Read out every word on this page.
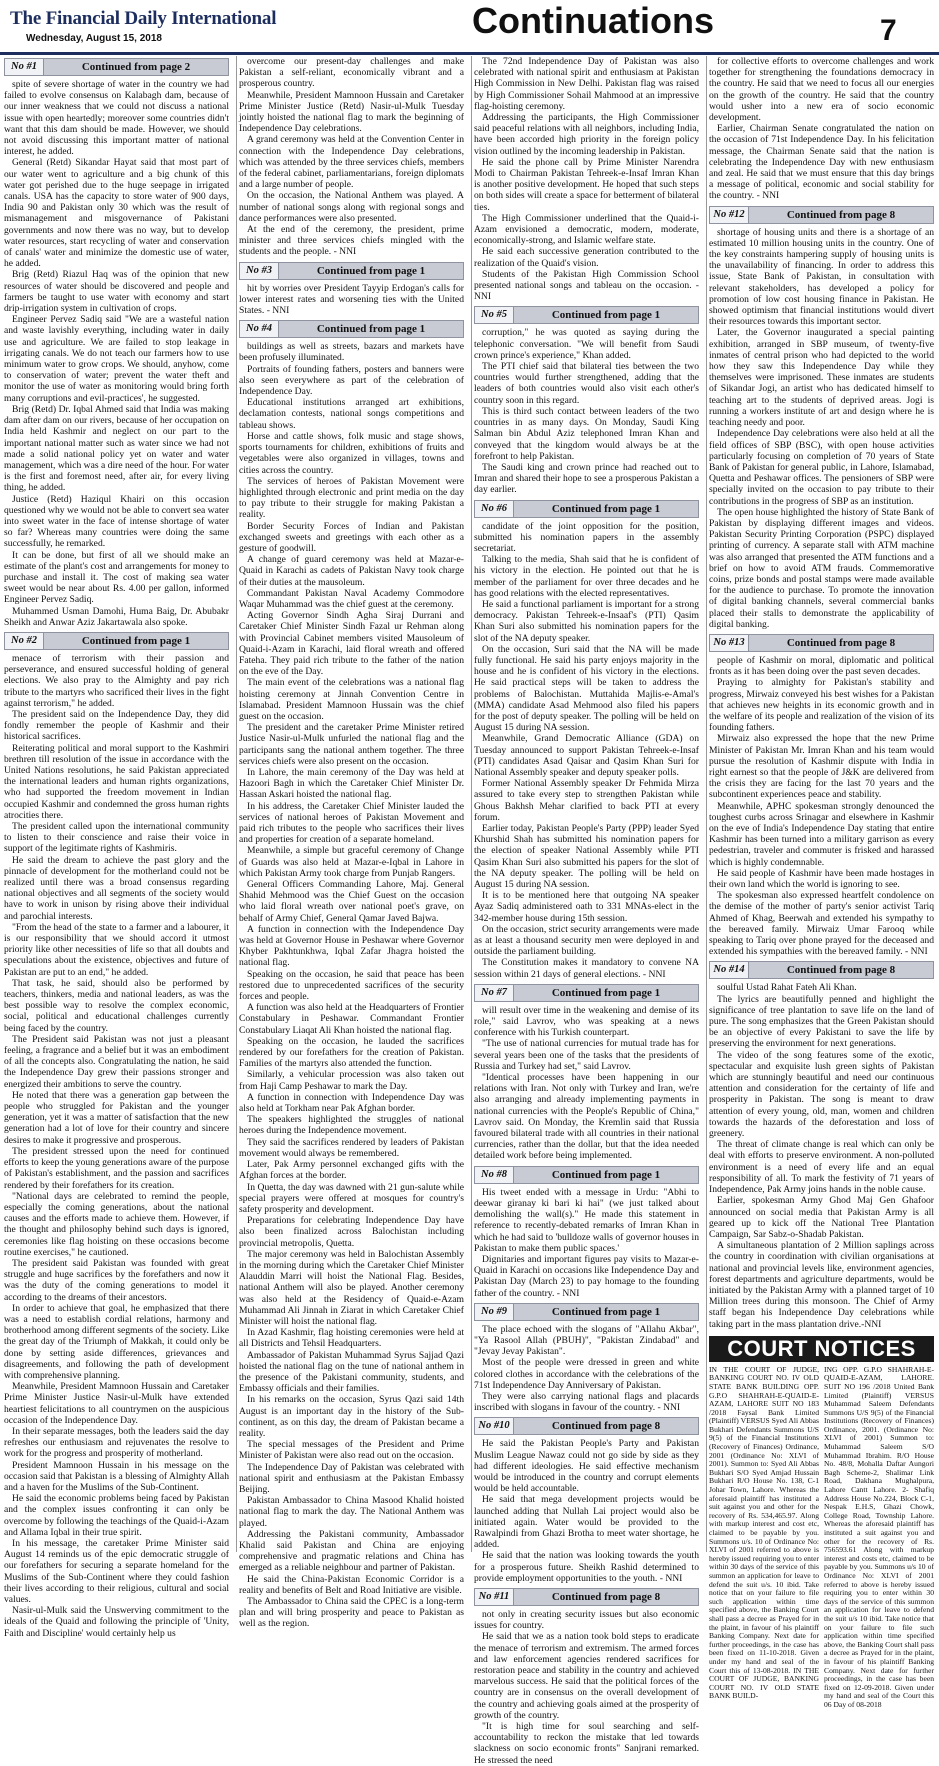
The Financial Daily International
Wednesday, August 15, 2018	Continuations	7
No #1	Continued from page 2

spite of severe shortage of water in the country we had failed to evolve consensus on Kalabagh dam, because of our inner weakness that we could not discuss a national issue with open heartedly; moreover some countries didn't want that this dam should be made. However, we should not avoid discussing this important matter of national interest, he added.

General (Retd) Sikandar Hayat said that most part of our water went to agriculture and a big chunk of this water got perished due to the huge seepage in irrigated canals. USA has the capacity to store water of 900 days, India 90 and Pakistan only 30 which was the result of mismanagement and misgovernance of Pakistani governments and now there was no way, but to develop water resources, start recycling of water and conservation of canals' water and minimize the domestic use of water, he added.

Brig (Retd) Riazul Haq was of the opinion that new resources of water should be discovered and people and farmers be taught to use water with economy and start drip-irrigation system in cultivation of crops.

Engineer Pervez Sadiq said "We are a wasteful nation and waste lavishly everything, including water in daily use and agriculture. We are failed to stop leakage in irrigating canals. We do not teach our farmers how to use minimum water to grow crops. We should, anyhow, come to conservation of water; prevent the water theft and monitor the use of water as monitoring would bring forth many corruptions and evil-practices', he suggested.

Brig (Retd) Dr. Iqbal Ahmed said that India was making dam after dam on our rivers, because of her occupation on India held Kashmir and neglect on our part to the important national matter such as water since we had not made a solid national policy yet on water and water management, which was a dire need of the hour. For water is the first and foremost need, after air, for every living thing, he added.

Justice (Retd) Haziqul Khairi on this occasion questioned why we would not be able to convert sea water into sweet water in the face of intense shortage of water so far? Whereas many countries were doing the same successfully, he remarked.

It can be done, but first of all we should make an estimate of the plant's cost and arrangements for money to purchase and install it. The cost of making sea water sweet would be near about Rs. 4.00 per gallon, informed Engineer Pervez Sadiq.

Muhammed Usman Damohi, Huma Baig, Dr. Abubakr Sheikh and Anwar Aziz Jakartawala also spoke.

No #2	Continued from page 1

menace of terrorism with their passion and perseverance, and ensured successful holding of general elections. We also pray to the Almighty and pay rich tribute to the martyrs who sacrificed their lives in the fight against terrorism," he added.

The president said on the Independence Day, they did fondly remember the people of Kashmir and their historical sacrifices.

Reiterating political and moral support to the Kashmiri brethren till resolution of the issue in accordance with the United Nations resolutions, he said Pakistan appreciated the international leaders and human rights organizations, who had supported the freedom movement in Indian occupied Kashmir and condemned the gross human rights atrocities there.

The president called upon the international community to listen to their conscience and raise their voice in support of the legitimate rights of Kashmiris.

He said the dream to achieve the past glory and the pinnacle of development for the motherland could not be realized until there was a broad consensus regarding national objectives and all segments of the society would have to work in unison by rising above their individual and parochial interests.

"From the head of the state to a farmer and a labourer, it is our responsibility that we should accord it utmost priority like other necessities of life so that all doubts and speculations about the existence, objectives and future of Pakistan are put to an end," he added.

That task, he said, should also be performed by teachers, thinkers, media and national leaders, as was the best possible way to resolve the complex economic, social, political and educational challenges currently being faced by the country.

The President said Pakistan was not just a pleasant feeling, a fragrance and a belief but it was an embodiment of all the concepts also. Congratulating the nation, he said the Independence Day grew their passions stronger and energized their ambitions to serve the country.

He noted that there was a generation gap between the people who struggled for Pakistan and the younger generation, yet it was a matter of satisfaction that the new generation had a lot of love for their country and sincere desires to make it progressive and prosperous.

The president stressed upon the need for continued efforts to keep the young generations aware of the purpose of Pakistan's establishment, and the passion and sacrifices rendered by their forefathers for its creation.

"National days are celebrated to remind the people, especially the coming generations, about the national causes and the efforts made to achieve them. However, if the thought and philosophy behind such days is ignored, ceremonies like flag hoisting on these occasions become routine exercises," he cautioned.

The president said Pakistan was founded with great struggle and huge sacrifices by the forefathers and now it was the duty of the coming generations to model it according to the dreams of their ancestors.

In order to achieve that goal, he emphasized that there was a need to establish cordial relations, harmony and brotherhood among different segments of the society. Like the great day of the Triumph of Makkah, it could only be done by setting aside differences, grievances and disagreements, and following the path of development with comprehensive planning.

Meanwhile, President Mamnoon Hussain and Caretaker Prime Minister Justice Nasir-ul-Mulk have extended heartiest felicitations to all countrymen on the auspicious occasion of the Independence Day.

In their separate messages, both the leaders said the day refreshes our enthusiasm and rejuvenates the resolve to work for the progress and prosperity of motherland.

President Mamnoon Hussain in his message on the occasion said that Pakistan is a blessing of Almighty Allah and a haven for the Muslims of the Sub-Continent.

He said the economic problems being faced by Pakistan and the complex issues confronting it can only be overcome by following the teachings of the Quaid-i-Azam and Allama Iqbal in their true spirit.

In his message, the caretaker Prime Minister said August 14 reminds us of the epic democratic struggle of our forefathers for securing a separate homeland for the Muslims of the Sub-Continent where they could fashion their lives according to their religious, cultural and social values.

Nasir-ul-Mulk said the Unswerving commitment to the ideals of the Quaid and following the principle of 'Unity, Faith and Discipline' would certainly help us

overcome our present-day challenges and make Pakistan a self-reliant, economically vibrant and a prosperous country.

Meanwhile, President Mamnoon Hussain and Caretaker Prime Minister Justice (Retd) Nasir-ul-Mulk Tuesday jointly hoisted the national flag to mark the beginning of Independence Day celebrations.

A grand ceremony was held at the Convention Center in connection with the Independence Day celebrations, which was attended by the three services chiefs, members of the federal cabinet, parliamentarians, foreign diplomats and a large number of people.

On the occasion, the National Anthem was played. A number of national songs along with regional songs and dance performances were also presented.

At the end of the ceremony, the president, prime minister and three services chiefs mingled with the students and the people. - NNI

No #3	Continued from page 1

hit by worries over President Tayyip Erdogan's calls for lower interest rates and worsening ties with the United States. - NNI

No #4	Continued from page 1

buildings as well as streets, bazars and markets have been profusely illuminated.

Portraits of founding fathers, posters and banners were also seen everywhere as part of the celebration of Independence Day.

Educational institutions arranged art exhibitions, declamation contests, national songs competitions and tableau shows.

Horse and cattle shows, folk music and stage shows, sports tournaments for children, exhibitions of fruits and vegetables were also organized in villages, towns and cities across the country.

The services of heroes of Pakistan Movement were highlighted through electronic and print media on the day to pay tribute to their struggle for making Pakistan a reality.

Border Security Forces of Indian and Pakistan exchanged sweets and greetings with each other as a gesture of goodwill.

A change of guard ceremony was held at Mazar-e-Quaid in Karachi as cadets of Pakistan Navy took charge of their duties at the mausoleum.

Commandant Pakistan Naval Academy Commodore Waqar Muhammad was the chief guest at the ceremony.

Acting Governor Sindh Agha Siraj Durrani and Caretaker Chief Minister Sindh Fazal ur Rehman along with Provincial Cabinet members visited Mausoleum of Quaid-i-Azam in Karachi, laid floral wreath and offered Fateha. They paid rich tribute to the father of the nation on the eve of the Day.

The main event of the celebrations was a national flag hoisting ceremony at Jinnah Convention Centre in Islamabad. President Mamnoon Hussain was the chief guest on the occasion.

The president and the caretaker Prime Minister retired Justice Nasir-ul-Mulk unfurled the national flag and the participants sang the national anthem together. The three services chiefs were also present on the occasion.

In Lahore, the main ceremony of the Day was held at Hazoori Bagh in which the Caretaker Chief Minister Dr. Hassan Askari hoisted the national flag.

In his address, the Caretaker Chief Minister lauded the services of national heroes of Pakistan Movement and paid rich tributes to the people who sacrifices their lives and properties for creation of a separate homeland.

Meanwhile, a simple but graceful ceremony of Change of Guards was also held at Mazar-e-Iqbal in Lahore in which Pakistan Army took charge from Punjab Rangers.

General Officers Commanding Lahore, Maj. General Shahid Mehmood was the Chief Guest on the occasion who laid floral wreath over national poet's grave, on behalf of Army Chief, General Qamar Javed Bajwa.

A function in connection with the Independence Day was held at Governor House in Peshawar where Governor Khyber Pakhtunkhwa, Iqbal Zafar Jhagra hoisted the national flag.

Speaking on the occasion, he said that peace has been restored due to unprecedented sacrifices of the security forces and people.

A function was also held at the Headquarters of Frontier Constabulary in Peshawar. Commandant Frontier Constabulary Liaqat Ali Khan hoisted the national flag.

Speaking on the occasion, he lauded the sacrifices rendered by our forefathers for the creation of Pakistan. Families of the martyrs also attended the function.

Similarly, a vehicular procession was also taken out from Haji Camp Peshawar to mark the Day.

A function in connection with Independence Day was also held at Torkham near Pak Afghan border.

The speakers highlighted the struggles of national heroes during the Independence movement.

They said the sacrifices rendered by leaders of Pakistan movement would always be remembered.

Later, Pak Army personnel exchanged gifts with the Afghan forces at the border.

In Quetta, the day was dawned with 21 gun-salute while special prayers were offered at mosques for country's safety prosperity and development.

Preparations for celebrating Independence Day have also been finalized across Balochistan including provincial metropolis, Quetta.

The major ceremony was held in Balochistan Assembly in the morning during which the Caretaker Chief Minister Alauddin Marri will hoist the National Flag. Besides, national Anthem will also be played. Another ceremony was also held at the Residency of Quaid-e-Azam Muhammad Ali Jinnah in Ziarat in which Caretaker Chief Minister will hoist the national flag.

In Azad Kashmir, flag hoisting ceremonies were held at all Districts and Tehsil Headquarters.

Ambassador of Pakistan Muhammad Syrus Sajjad Qazi hoisted the national flag on the tune of national anthem in the presence of the Pakistani community, students, and Embassy officials and their families.

In his remarks on the occasion, Syrus Qazi said 14th August is an important day in the history of the Sub-continent, as on this day, the dream of Pakistan became a reality.

The special messages of the President and Prime Minister of Pakistan were also read out on the occasion.

The Independence Day of Pakistan was celebrated with national spirit and enthusiasm at the Pakistan Embassy Beijing.

Pakistan Ambassador to China Masood Khalid hoisted national flag to mark the day. The National Anthem was played.

Addressing the Pakistani community, Ambassador Khalid said Pakistan and China are enjoying comprehensive and pragmatic relations and China has emerged as a reliable neighbour and partner of Pakistan.

He said the China-Pakistan Economic Corridor is a reality and benefits of Belt and Road Initiative are visible.

The Ambassador to China said the CPEC is a long-term plan and will bring prosperity and peace to Pakistan as well as the region.

The 72nd Independence Day of Pakistan was also celebrated with national spirit and enthusiasm at Pakistan High Commission in New Delhi. Pakistan flag was raised by High Commissioner Sohail Mahmood at an impressive flag-hoisting ceremony.

Addressing the participants, the High Commissioner said peaceful relations with all neighbors, including India, have been accorded high priority in the foreign policy vision outlined by the incoming leadership in Pakistan.

He said the phone call by Prime Minister Narendra Modi to Chairman Pakistan Tehreek-e-Insaf Imran Khan is another positive development. He hoped that such steps on both sides will create a space for betterment of bilateral ties.

The High Commissioner underlined that the Quaid-i-Azam envisioned a democratic, modern, moderate, economically-strong, and Islamic welfare state.

He said each successive generation contributed to the realization of the Quaid's vision.

Students of the Pakistan High Commission School presented national songs and tableau on the occasion. - NNI

No #5	Continued from page 1

corruption," he was quoted as saying during the telephonic conversation. "We will benefit from Saudi crown prince's experience," Khan added.

The PTI chief said that bilateral ties between the two countries would further strengthened, adding that the leaders of both countries would also visit each other's country soon in this regard.

This is third such contact between leaders of the two countries in as many days. On Monday, Saudi King Salman bin Abdul Aziz telephoned Imran Khan and conveyed that the kingdom would always be at the forefront to help Pakistan.

The Saudi king and crown prince had reached out to Imran and shared their hope to see a prosperous Pakistan a day earlier.

No #6	Continued from page 1

candidate of the joint opposition for the position, submitted his nomination papers in the assembly secretariat.

Talking to the media, Shah said that he is confident of his victory in the election. He pointed out that he is member of the parliament for over three decades and he has good relations with the elected representatives.

He said a functional parliament is important for a strong democracy. Pakistan Tehreek-e-Insaaf's (PTI) Qasim Khan Suri also submitted his nomination papers for the slot of the NA deputy speaker.

On the occasion, Suri said that the NA will be made fully functional. He said his party enjoys majority in the house and he is confident of his victory in the elections. He said practical steps will be taken to address the problems of Balochistan. Muttahida Majlis-e-Amal's (MMA) candidate Asad Mehmood also filed his papers for the post of deputy speaker. The polling will be held on August 15 during NA session.

Meanwhile, Grand Democratic Alliance (GDA) on Tuesday announced to support Pakistan Tehreek-e-Insaf (PTI) candidates Asad Qaisar and Qasim Khan Suri for National Assembly speaker and deputy speaker polls.

Former National Assembly speaker Dr Fehmida Mirza assured to take every step to strengthen Pakistan while Ghous Bakhsh Mehar clarified to back PTI at every forum.

Earlier today, Pakistan People's Party (PPP) leader Syed Khurshid Shah has submitted his nomination papers for the election of speaker National Assembly while PTI Qasim Khan Suri also submitted his papers for the slot of the NA deputy speaker. The polling will be held on August 15 during NA session.

It is to be mentioned here that outgoing NA speaker Ayaz Sadiq administered oath to 331 MNAs-elect in the 342-member house during 15th session.

On the occasion, strict security arrangements were made as at least a thousand security men were deployed in and outside the parliament building.

The Constitution makes it mandatory to convene NA session within 21 days of general elections. - NNI

No #7	Continued from page 1

will result over time in the weakening and demise of its role," said Lavrov, who was speaking at a news conference with his Turkish counterpart.

"The use of national currencies for mutual trade has for several years been one of the tasks that the presidents of Russia and Turkey had set," said Lavrov.

"Identical processes have been happening in our relations with Iran. Not only with Turkey and Iran, we're also arranging and already implementing payments in national currencies with the People's Republic of China," Lavrov said. On Monday, the Kremlin said that Russia favoured bilateral trade with all countries in their national currencies, rather than the dollar, but that the idea needed detailed work before being implemented.

No #8	Continued from page 1

His tweet ended with a message in Urdu: "Abhi to deewar giranay ki bari ki hai" (we just talked about demolishing the wall(s)." He made this statement in reference to recently-debated remarks of Imran Khan in which he had said to 'bulldoze walls of governor houses in Pakistan to make them public spaces.'

Dignitaries and important figures pay visits to Mazar-e-Quaid in Karachi on occasions like Independence Day and Pakistan Day (March 23) to pay homage to the founding father of the country. - NNI

No #9	Continued from page 1

The place echoed with the slogans of "Allahu Akbar", "Ya Rasool Allah (PBUH)", "Pakistan Zindabad" and "Jevay Jevay Pakistan".

Most of the people were dressed in green and white colored clothes in accordance with the celebrations of the 71st Independence Day Anniversary of Pakistan.

They were also carrying national flags and placards inscribed with slogans in favour of the country. - NNI

No #10	Continued from page 8

He said the Pakistan People's Party and Pakistan Muslim League Nawaz could not go side by side as they had different ideologies. He said effective mechanism would be introduced in the country and corrupt elements would be held accountable.

He said that mega development projects would be launched adding that Nullah Lai project would also be initiated again. Water would be provided to the Rawalpindi from Ghazi Brotha to meet water shortage, he added.

He said that the nation was looking towards the youth for a prosperous future. Sheikh Rashid determined to provide employment opportunities to the youth. - NNI

No #11	Continued from page 8

not only in creating security issues but also economic issues for country.

He said that we as a nation took bold steps to eradicate the menace of terrorism and extremism. The armed forces and law enforcement agencies rendered sacrifices for restoration peace and stability in the country and achieved marvelous success. He said that the political forces of the country are in consensus on the overall development of the country and achieving goals aimed at the prosperity of growth of the country.

"It is high time for soul searching and self-accountability to reckon the mistake that led towards slackness on socio economic fronts" Sanjrani remarked. He stressed the need

for collective efforts to overcome challenges and work together for strengthening the foundations democracy in the country. He said that we need to focus all our energies on the growth of the country. He said that the country would usher into a new era of socio economic development.

Earlier, Chairman Senate congratulated the nation on the occasion of 71st Independence Day. In his felicitation message, the Chairman Senate said that the nation is celebrating the Independence Day with new enthusiasm and zeal. He said that we must ensure that this day brings a message of political, economic and social stability for the country. - NNI

No #12	Continued from page 8

shortage of housing units and there is a shortage of an estimated 10 million housing units in the country. One of the key constraints hampering supply of housing units is the unavailability of financing. In order to address this issue, State Bank of Pakistan, in consultation with relevant stakeholders, has developed a policy for promotion of low cost housing finance in Pakistan. He showed optimism that financial institutions would divert their resources towards this important sector.

Later, the Governor inaugurated a special painting exhibition, arranged in SBP museum, of twenty-five inmates of central prison who had depicted to the world how they saw this Independence Day while they themselves were imprisoned. These inmates are students of Sikandar Jogi, an artist who has dedicated himself to teaching art to the students of deprived areas. Jogi is running a workers institute of art and design where he is teaching needy and poor.

Independence Day celebrations were also held at all the field offices of SBP (BSC), with open house activities particularly focusing on completion of 70 years of State Bank of Pakistan for general public, in Lahore, Islamabad, Quetta and Peshawar offices. The pensioners of SBP were specially invited on the occasion to pay tribute to their contributions in the progress of SBP as an institution.

The open house highlighted the history of State Bank of Pakistan by displaying different images and videos. Pakistan Security Printing Corporation (PSPC) displayed printing of currency. A separate stall with ATM machine was also arranged that presented the ATM functions and a brief on how to avoid ATM frauds. Commemorative coins, prize bonds and postal stamps were made available for the audience to purchase. To promote the innovation of digital banking channels, several commercial banks placed their stalls to demonstrate the applicability of digital banking.

No #13	Continued from page 8

people of Kashmir on moral, diplomatic and political fronts as it has been doing over the past seven decades.

Praying to almighty for Pakistan's stability and progress, Mirwaiz conveyed his best wishes for a Pakistan that achieves new heights in its economic growth and in the welfare of its people and realization of the vision of its founding fathers.

Mirwaiz also expressed the hope that the new Prime Minister of Pakistan Mr. Imran Khan and his team would pursue the resolution of Kashmir dispute with India in right earnest so that the people of J&K are delivered from the crisis they are facing for the last 70 years and the subcontinent experiences peace and stability.

Meanwhile, APHC spokesman strongly denounced the toughest curbs across Srinagar and elsewhere in Kashmir on the eve of India's Independence Day stating that entire Kashmir has been turned into a military garrison as every pedestrian, traveler and commuter is frisked and harassed which is highly condemnable.

He said people of Kashmir have been made hostages in their own land which the world is ignoring to see.

The spokesman also expressed heartfelt condolence on the demise of the mother of party's senior activist Tariq Ahmed of Khag, Beerwah and extended his sympathy to the bereaved family. Mirwaiz Umar Farooq while speaking to Tariq over phone prayed for the deceased and extended his sympathies with the bereaved family. - NNI

No #14	Continued from page 8

soulful Ustad Rahat Fateh Ali Khan.

The lyrics are beautifully penned and highlight the significance of tree plantation to save life on the land of pure. The song emphasizes that the Green Pakistan should be an objective of every Pakistani to save the life by preserving the environment for next generations.

The video of the song features some of the exotic, spectacular and exquisite lush green sights of Pakistan which are stunningly beautiful and need our continuous attention and consideration for the certainty of life and prosperity in Pakistan. The song is meant to draw attention of every young, old, man, women and children towards the hazards of the deforestation and loss of greenery.

The threat of climate change is real which can only be deal with efforts to preserve environment. A non-polluted environment is a need of every life and an equal responsibility of all. To mark the festivity of 71 years of Independence, Pak Army joins hands in the noble cause.

Earlier, spokesman Army Ghod Maj Gen Ghafoor announced on social media that Pakistan Army is all geared up to kick off the National Tree Plantation Campaign, Sar Sabz-o-Shadab Pakistan.

A simultaneous plantation of 2 Million saplings across the country in coordination with civilian organisations at national and provincial levels like, environment agencies, forest departments and agriculture departments, would be initiated by the Pakistan Army with a planned target of 10 Million trees during this monsoon. The Chief of Army staff began his Independence Day celebrations while taking part in the mass plantation drive.-NNI

COURT NOTICES

IN THE COURT OF JUDGE, BANKING COURT NO. IV OLD STATE BANK BUILDING OPP. G.P.O SHAHRAH-E-QUAID-E-AZAM, LAHORE SUIT NO 183 /2018 Faysal Bank Limited (Plaintiff) VERSUS Syed Ali Abbas Bukhari Defendants Summons U/S 9(5) of the Financial Institutions (Recovery of Finances) Ordinance, 2001 (Ordinance No: XLVI of 2001). Summon to: Syed Ali Abbas Bukhari S/O Syed Amjad Hussain Bukhari R/O House No. 138, C-1 Johar Town, Lahore. Whereas the aforesaid plaintiff has instituted a suit against you and other for the recovery of Rs. 534,465.97. Along with markup interest and cost etc, claimed to be payable by you. Summons u/s. 10 of Ordinance No: XLVI of 2001 referred to above is hereby issued requiring you to enter within 30 days of the service of this summon an application for leave to defend the suit u/s. 10 ibid. Take notice that on your failure to file such application within time specified above, the Banking Court shall pass a decree as Prayed for in the plaint, in favour of his plaintiff Banking Company. Next date for further proceedings, in the case has been fixed on 11-10-2018. Given under my hand and seal of the Court this of 13-08-2018. IN THE COURT OF JUDGE, BANKING COURT NO. IV OLD STATE BANK BUILD-

ING OPP. G.P.O SHAHRAH-E-QUAID-E-AZAM, LAHORE. SUIT NO 196 /2018 United Bank Limited (Plaintiff) VERSUS Muhammad Saleem Defendants Summons U/S 9(5) of the Financial Institutions (Recovery of Finances) Ordinance, 2001. (Ordinance No: XLVI of 2001) Summon to: Muhammad Saleem S/O Muhammad Ibrahim. R/O House No. 48/8, Mohalla Daftar Aungori Bagh Scheme-2, Shalimar Link Road, Dakhana Mughalpura, Lahore Cantt Lahore. 2- Shafiq Address House No.224, Block C-1, Nespak E.H.S, Ghazi Chowk, College Road, Township Lahore. Whereas the aforesaid plaintiff has instituted a suit against you and other for the recovery of Rs. 756593.61 Along with markup interest and costs etc, claimed to be payable by you. Summons u/s 10 of Ordinance No: XLVI of 2001 referred to above is hereby issued requiring you to enter within 30 days of the service of this summon an application for leave to defend the suit u/s 10 ibid. Take notice that on your failure to file such application within time specified above, the Banking Court shall pass a decree as Prayed for in the plaint, in favour of his plaintiff Banking Company. Next date for further proceedings, in the case has been fixed on 12-09-2018. Given under my hand and seal of the Court this 06 Day of 08-2018
